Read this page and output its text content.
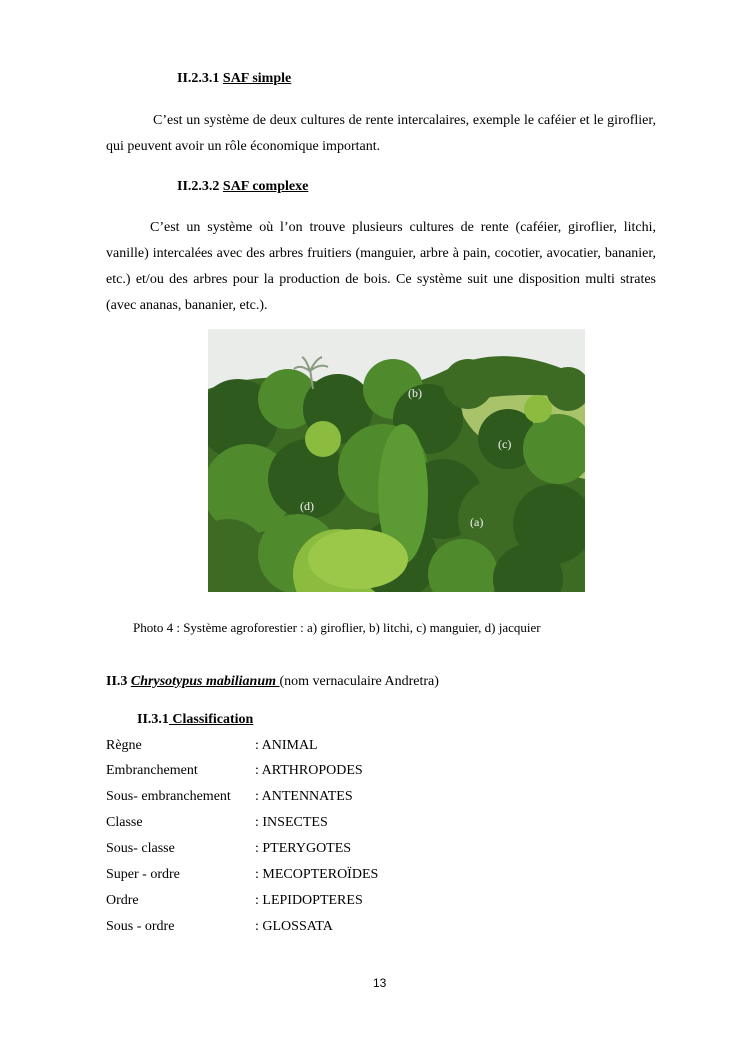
II.2.3.1 SAF simple
C’est un système de deux cultures de rente intercalaires, exemple le caféier et le giroflier, qui peuvent avoir un rôle économique important.
II.2.3.2 SAF complexe
C’est un système où l’on trouve plusieurs cultures de rente (caféier, giroflier, litchi, vanille) intercalées avec des arbres fruitiers (manguier, arbre à pain, cocotier, avocatier, bananier, etc.) et/ou des arbres pour la production de bois. Ce système suit une disposition multi strates (avec ananas, bananier, etc.).
(b)
(c)
(d)
(a)
Photo 4 : Système agroforestier : a) giroflier, b) litchi, c) manguier, d) jacquier
II.3 Chrysotypus mabilianum (nom vernaculaire Andretra)
II.3.1 Classification
Règne	: ANIMAL
Embranchement	: ARTHROPODES
Sous- embranchement : ANTENNATES
Classe	: INSECTES
Sous- classe	: PTERYGOTES
Super - ordre	: MECOPTEROÏDES
Ordre	: LEPIDOPTERES
Sous - ordre	: GLOSSATA
13
